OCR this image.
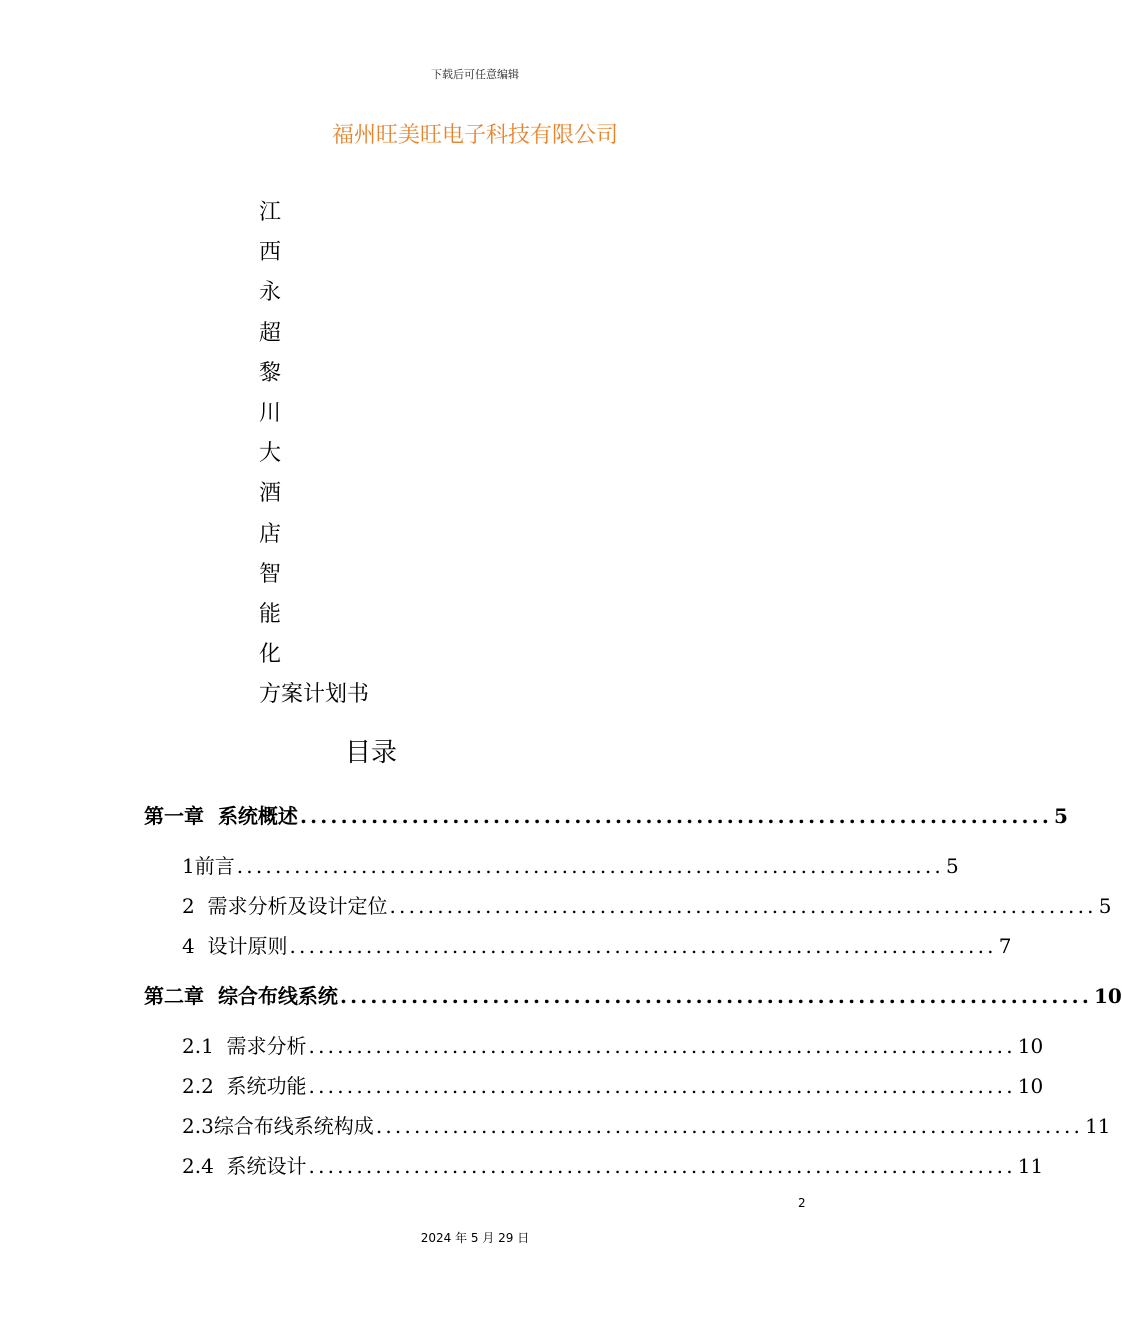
下载后可任意编辑
福州旺美旺电子科技有限公司
江
西
永
超
黎
川
大
酒
店
智
能
化
方案计划书
目录
第一章 系统概述 .......................................................................... 5
1前言 .......................................................................... 5
2 需求分析及设计定位 .......................................................................... 5
4 设计原则 .......................................................................... 7
第二章 综合布线系统 .......................................................................... 10
2.1 需求分析 .......................................................................... 10
2.2 系统功能 .......................................................................... 10
2.3综合布线系统构成 .......................................................................... 11
2.4 系统设计 .......................................................................... 11
2
2024 年 5 月 29 日
